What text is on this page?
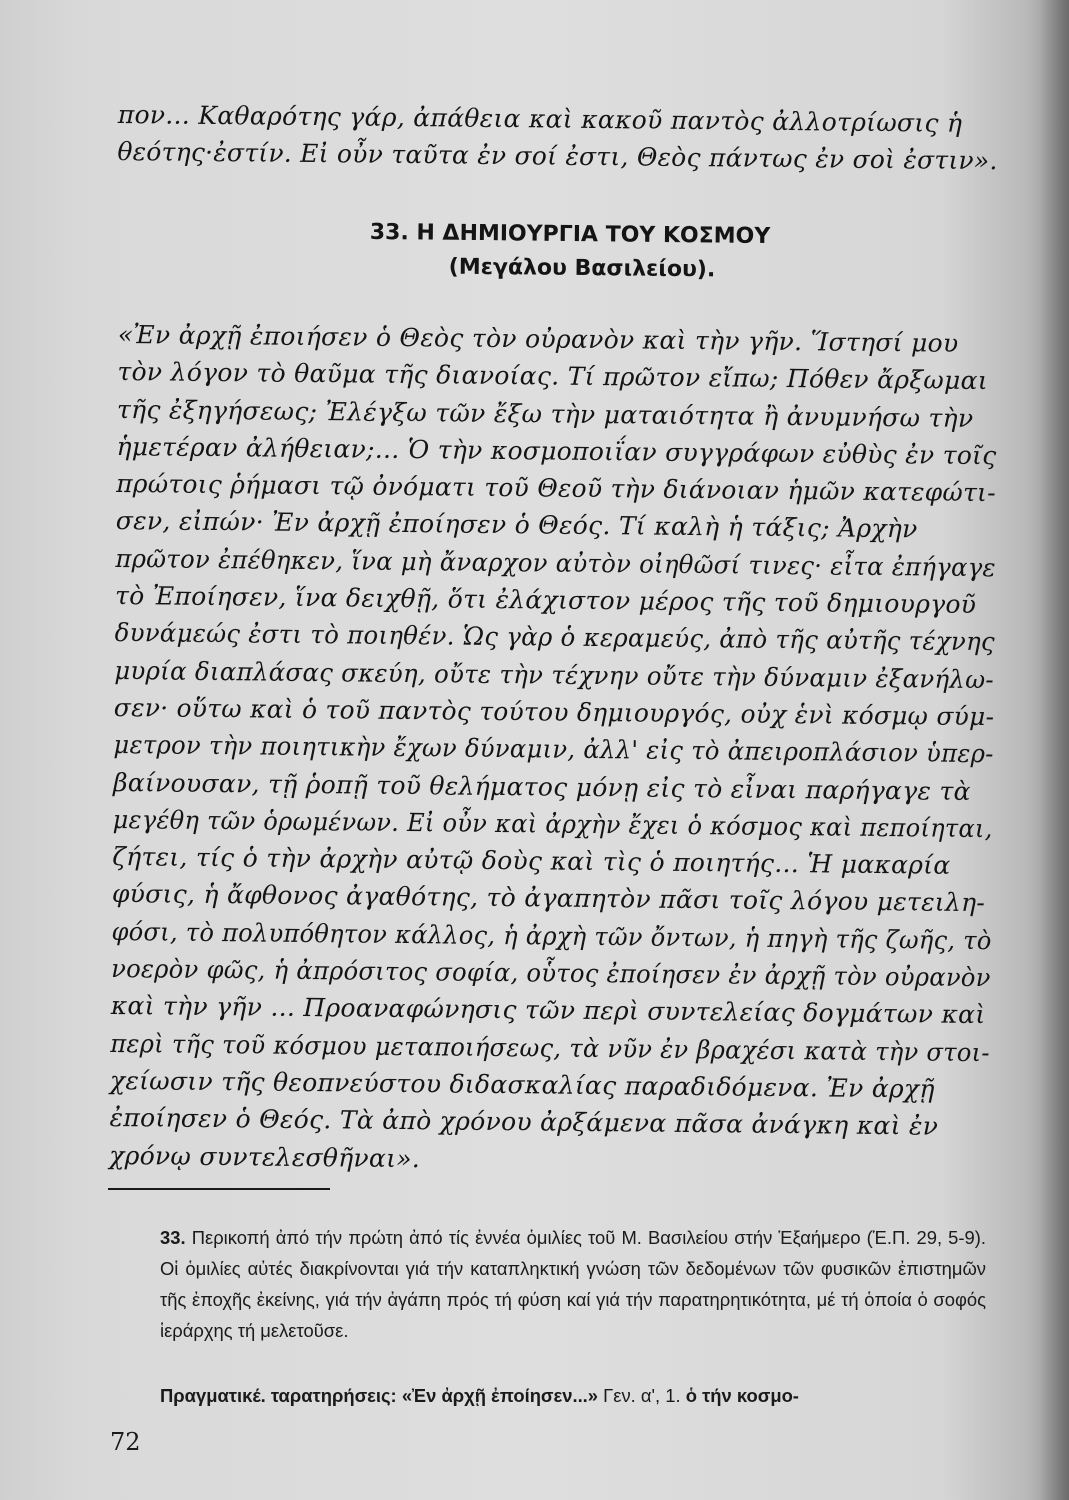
πον... Καθαρότης γάρ, ἀπάθεια καὶ κακοῦ παντὸς ἀλλοτρίωσις ἡ
θεότης·ἐστίν. Εἰ οὖν ταῦτα ἐν σοί ἐστι, Θεὸς πάντως ἐν σοὶ ἐστιν».
33. Η ΔΗΜΙΟΥΡΓΙΑ ΤΟΥ ΚΟΣΜΟΥ
(Μεγάλου Βασιλείου).
«Ἐν ἀρχῇ ἐποιήσεν ὁ Θεὸς τὸν οὐρανὸν καὶ τὴν γῆν. Ἵστησί μου
τὸν λόγον τὸ θαῦμα τῆς διανοίας. Τί πρῶτον εἴπω; Πόθεν ἄρξωμαι
τῆς ἐξηγήσεως; Ἐλέγξω τῶν ἔξω τὴν ματαιότητα ἢ ἀνυμνήσω τὴν
ἡμετέραν ἀλήθειαν;... Ὁ τὴν κοσμοποιΐαν συγγράφων εὐθὺς ἐν τοῖς
πρώτοις ῥήμασι τῷ ὀνόματι τοῦ Θεοῦ τὴν διάνοιαν ἡμῶν κατεφώτι-
σεν, εἰπών· Ἐν ἀρχῇ ἐποίησεν ὁ Θεός. Τί καλὴ ἡ τάξις; Ἀρχὴν
πρῶτον ἐπέθηκεν, ἵνα μὴ ἄναρχον αὐτὸν οἰηθῶσί τινες· εἶτα ἐπήγαγε
τὸ Ἐποίησεν, ἵνα δειχθῇ, ὅτι ἐλάχιστον μέρος τῆς τοῦ δημιουργοῦ
δυνάμεώς ἐστι τὸ ποιηθέν. Ὡς γὰρ ὁ κεραμεύς, ἀπὸ τῆς αὐτῆς τέχνης
μυρία διαπλάσας σκεύη, οὔτε τὴν τέχνην οὔτε τὴν δύναμιν ἐξανήλω-
σεν· οὕτω καὶ ὁ τοῦ παντὸς τούτου δημιουργός, οὐχ ἑνὶ κόσμῳ σύμ-
μετρον τὴν ποιητικὴν ἔχων δύναμιν, ἀλλ' εἰς τὸ ἀπειροπλάσιον ὑπερ-
βαίνουσαν, τῇ ῥοπῇ τοῦ θελήματος μόνῃ εἰς τὸ εἶναι παρήγαγε τὰ
μεγέθη τῶν ὁρωμένων. Εἰ οὖν καὶ ἀρχὴν ἔχει ὁ κόσμος καὶ πεποίηται,
ζήτει, τίς ὁ τὴν ἀρχὴν αὐτῷ δοὺς καὶ τὶς ὁ ποιητής... Ἡ μακαρία
φύσις, ἡ ἄφθονος ἀγαθότης, τὸ ἀγαπητὸν πᾶσι τοῖς λόγου μετειλη-
φόσι, τὸ πολυπόθητον κάλλος, ἡ ἀρχὴ τῶν ὄντων, ἡ πηγὴ τῆς ζωῆς, τὸ
νοερὸν φῶς, ἡ ἀπρόσιτος σοφία, οὗτος ἐποίησεν ἐν ἀρχῇ τὸν οὐρανὸν
καὶ τὴν γῆν ... Προαναφώνησις τῶν περὶ συντελείας δογμάτων καὶ
περὶ τῆς τοῦ κόσμου μεταποιήσεως, τὰ νῦν ἐν βραχέσι κατὰ τὴν στοι-
χείωσιν τῆς θεοπνεύστου διδασκαλίας παραδιδόμενα. Ἐν ἀρχῇ
ἐποίησεν ὁ Θεός. Τὰ ἀπὸ χρόνου ἀρξάμενα πᾶσα ἀνάγκη καὶ ἐν
χρόνῳ συντελεσθῆναι».

33. Περικοπή ἀπό τήν πρώτη ἀπό τίς ἐννέα ὁμιλίες τοῦ Μ. Βασιλείου στήν Ἑξαήμερο (Ἑ.Π. 29, 5-9). Οἱ ὁμιλίες αὐτές διακρίνονται γιά τήν καταπληκτική γνώση τῶν δεδομένων τῶν φυσικῶν ἐπιστημῶν τῆς ἐποχῆς ἐκείνης, γιά τήν ἀγάπη πρός τή φύση καί γιά τήν παρατηρητικότητα, μέ τή ὁποία ὁ σοφός ἱεράρχης τή μελετοῦσε.

Πραγματικέ. ταρατηρήσεις: «Ἐν ἀρχῇ ἐποίησεν...» Γεν. α', 1. ὁ τήν κοσμο-

72
